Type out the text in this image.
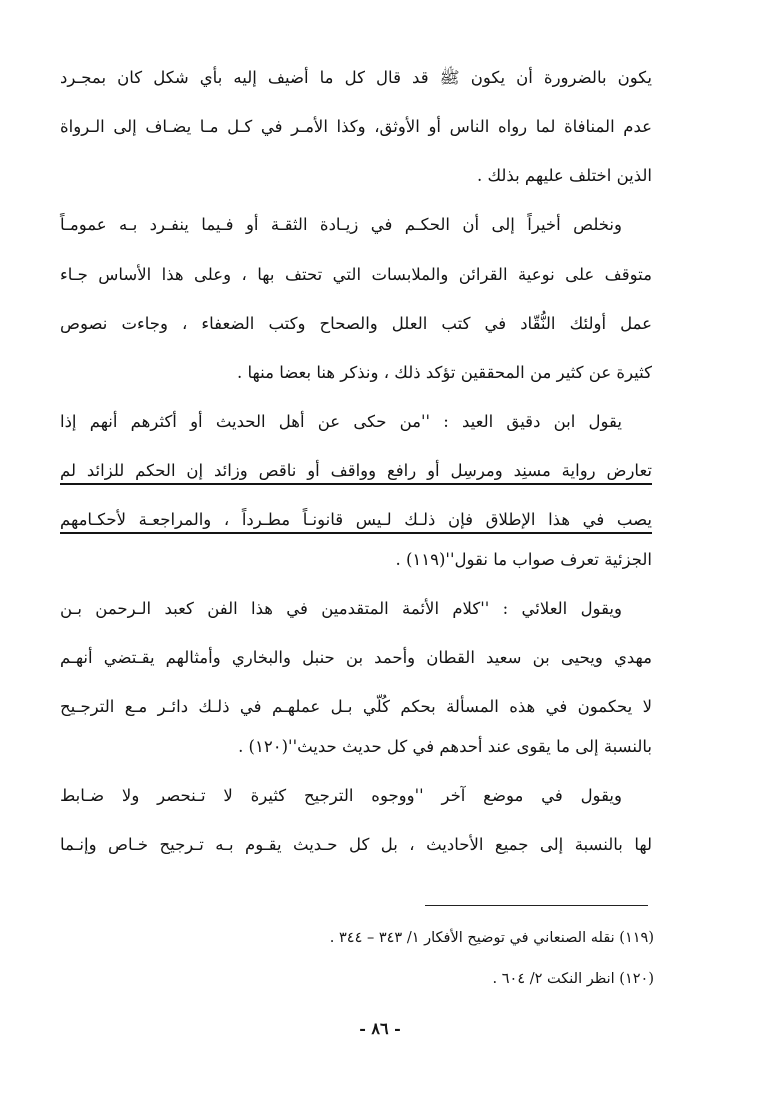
يكون بالضرورة أن يكون ﷺ قد قال كل ما أضيف إليه بأي شكل كان بمجـرد
عدم المنافاة لما رواه الناس أو الأوثق، وكذا الأمـر في كـل مـا يضـاف إلى الـرواة
الذين اختلف عليهم بذلك .
ونخلص أخيراً إلى أن الحكـم في زيـادة الثقـة أو فـيما ينفـرد بـه عمومـاً
متوقف على نوعية القرائن والملابسات التي تحتف بها ، وعلى هذا الأساس جـاء
عمل أولئك النُّقّاد في كتب العلل والصحاح وكتب الضعفاء ، وجاءت نصوص
كثيرة عن كثير من المحققين تؤكد ذلك ، ونذكر هنا بعضا منها .
يقول ابن دقيق العيد : ''من حكى عن أهل الحديث أو أكثرهم أنهم إذا
تعارض رواية مسنِد ومرسِل أو رافع وواقف أو ناقص وزائد إن الحكم للزائد لم
يصب في هذا الإطلاق فإن ذلـك لـيس قانونـاً مطـرداً ، والمراجعـة لأحكـامهم
الجزئية تعرف صواب ما نقول''(١١٩) .
ويقول العلائي : ''كلام الأئمة المتقدمين في هذا الفن كعبد الـرحمن بـن
مهدي ويحيى بن سعيد القطان وأحمد بن حنبل والبخاري وأمثالهم يقـتضي أنهـم
لا يحكمون في هذه المسألة بحكم كُلّي بـل عملهـم في ذلـك دائـر مـع الترجـيح
بالنسبة إلى ما يقوى عند أحدهم في كل حديث حديث''(١٢٠) .
ويقول في موضع آخر ''ووجوه الترجيح كثيرة لا تـنحصر ولا ضـابط
لها بالنسبة إلى جميع الأحاديث ، بل كل حـديث يقـوم بـه تـرجيح خـاص وإنـما
(١١٩) نقله الصنعاني في توضيح الأفكار ١/ ٣٤٣ – ٣٤٤ .
(١٢٠) انظر النكت ٢/ ٦٠٤ .
- ٨٦ -
